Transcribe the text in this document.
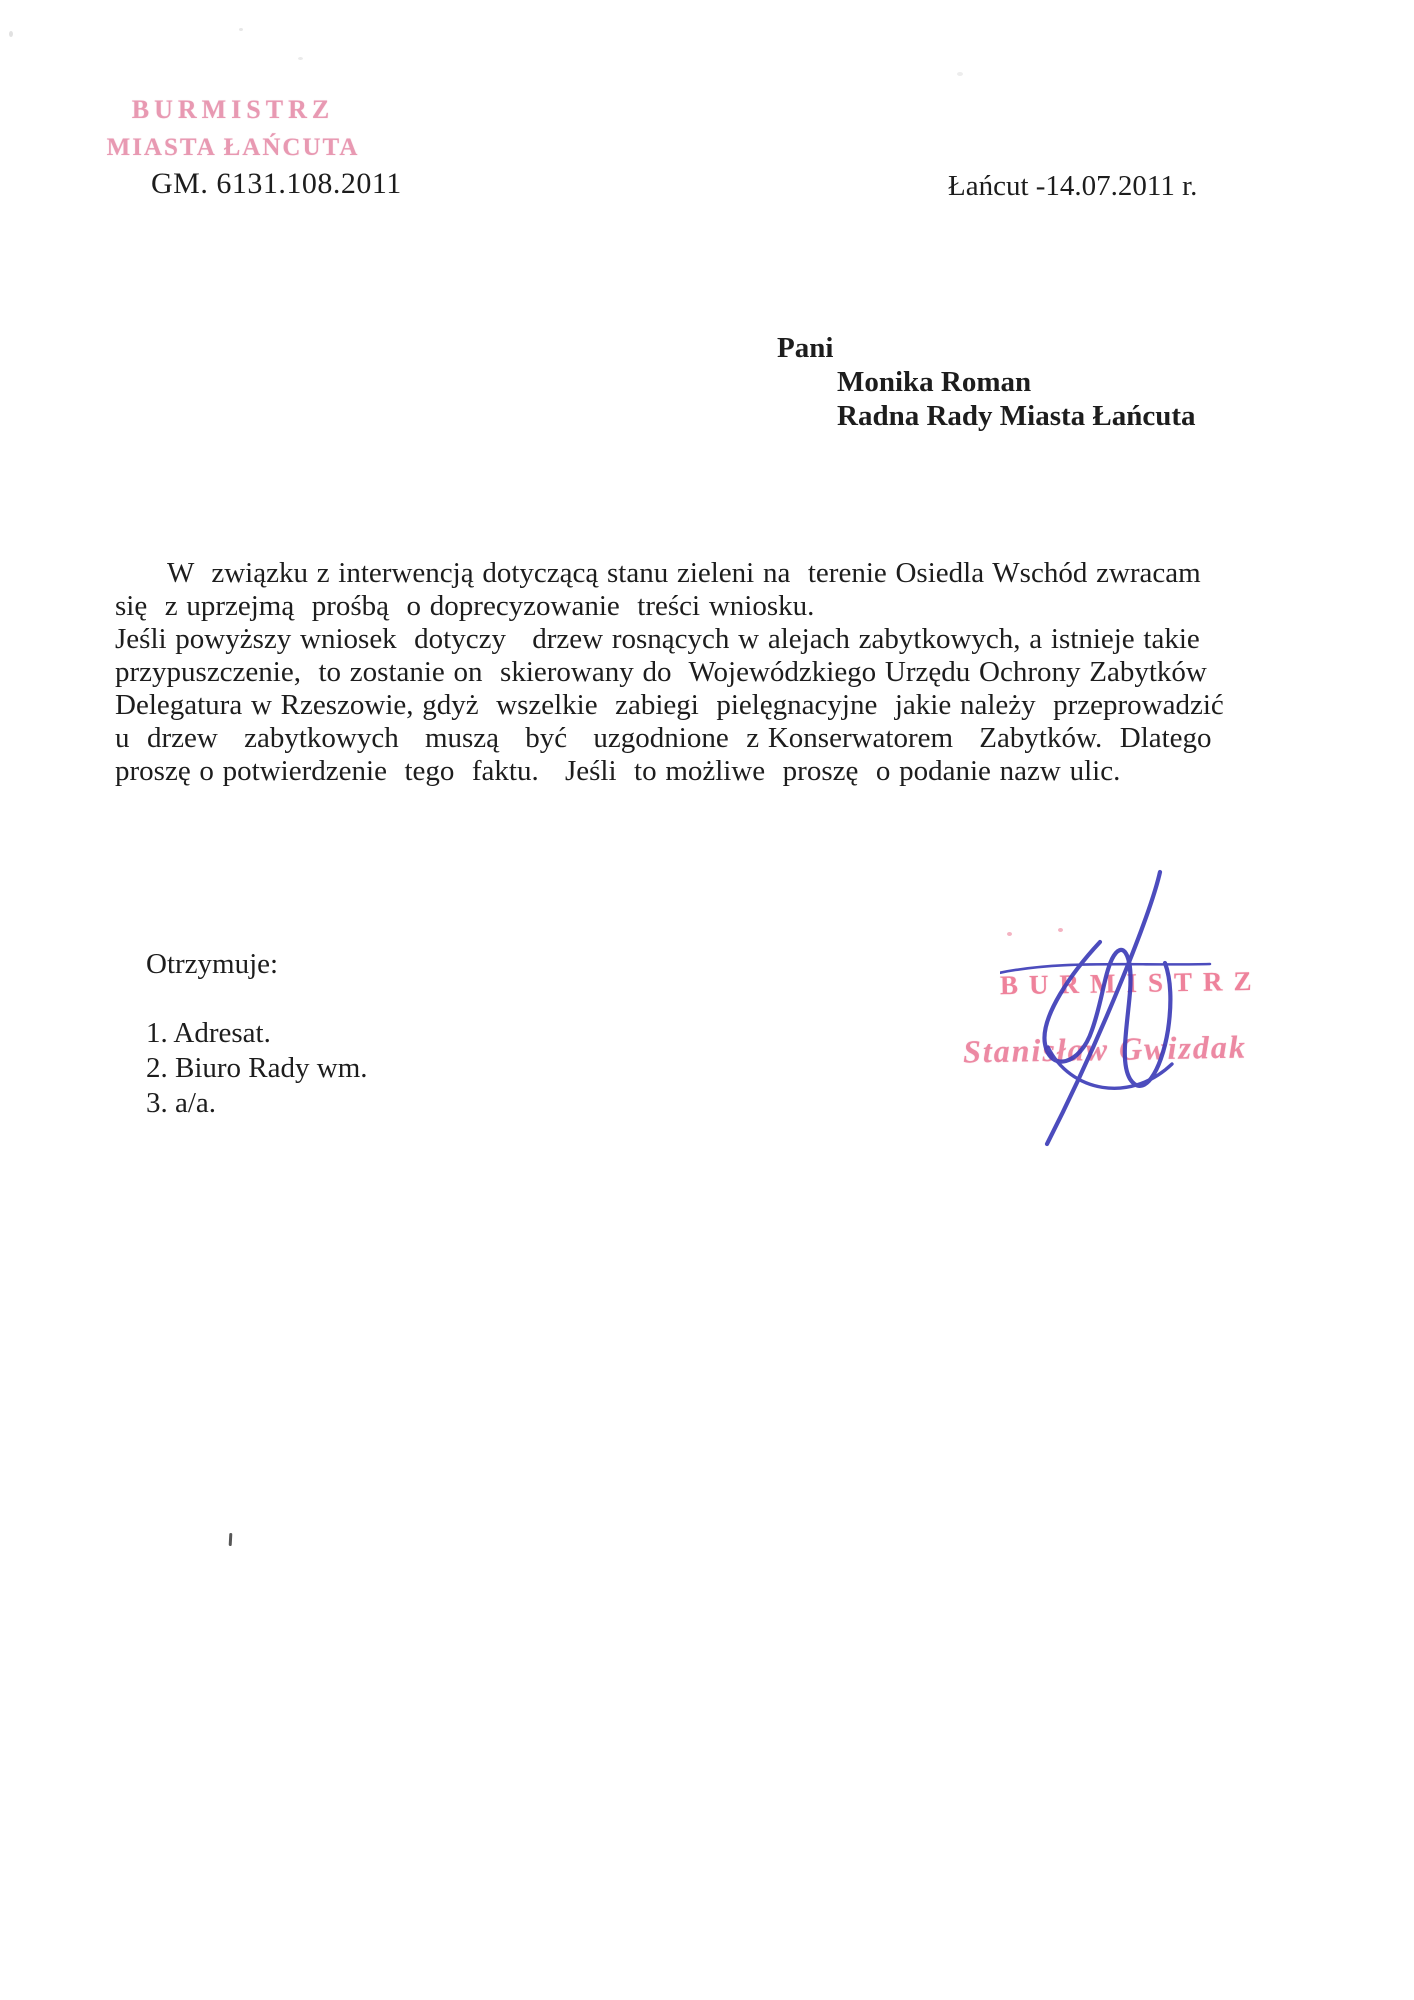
BURMISTRZ
MIASTA ŁAŃCUTA
GM. 6131.108.2011	Łańcut -14.07.2011 r.
Pani
Monika Roman
Radna Rady Miasta Łańcuta
W  związku z interwencją dotyczącą stanu zieleni na  terenie Osiedla Wschód zwracam
się  z uprzejmą  prośbą  o doprecyzowanie  treści wniosku.
Jeśli powyższy wniosek  dotyczy   drzew rosnących w alejach zabytkowych, a istnieje takie
przypuszczenie,  to zostanie on  skierowany do  Wojewódzkiego Urzędu Ochrony Zabytków
Delegatura w Rzeszowie, gdyż  wszelkie  zabiegi  pielęgnacyjne  jakie należy  przeprowadzić
u  drzew   zabytkowych   muszą   być   uzgodnione  z Konserwatorem   Zabytków.  Dlatego
proszę o potwierdzenie  tego  faktu.   Jeśli  to możliwe  proszę  o podanie nazw ulic.
Otrzymuje:
1. Adresat.
2. Biuro Rady wm.
3. a/a.
BURMISTRZ
Stanisław Gwizdak
